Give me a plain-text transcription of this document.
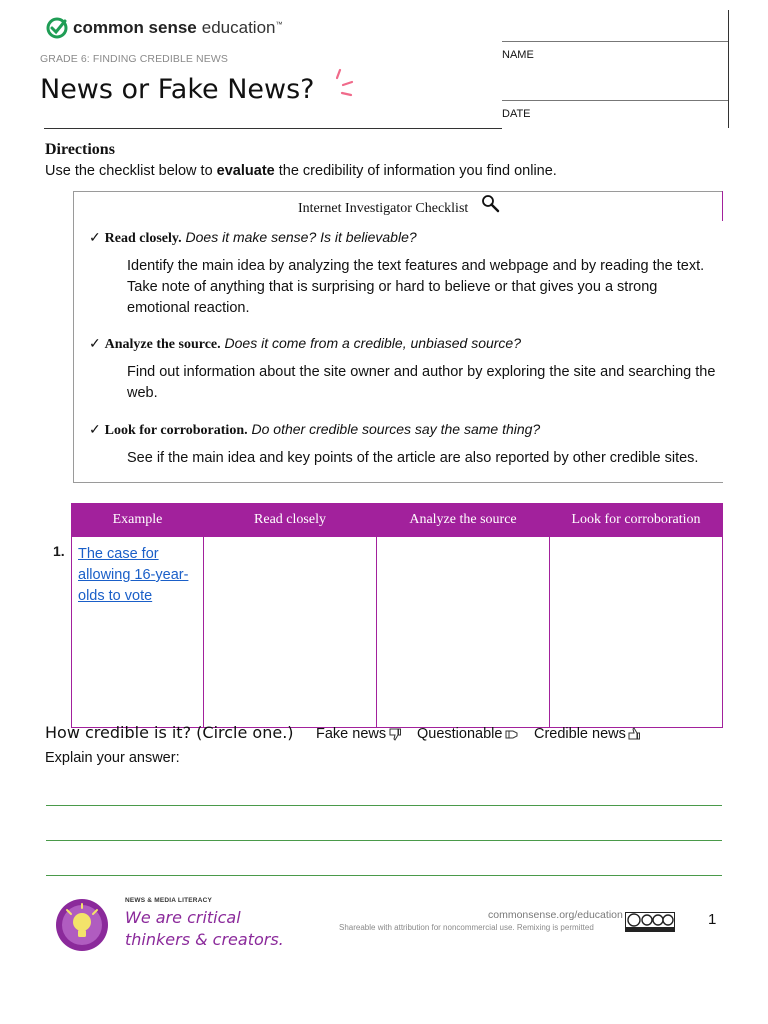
common sense education™
GRADE 6: FINDING CREDIBLE NEWS
News or Fake News?
NAME
DATE
Directions
Use the checklist below to evaluate the credibility of information you find online.
Internet Investigator Checklist
✓ Read closely. Does it make sense? Is it believable?
Identify the main idea by analyzing the text features and webpage and by reading the text. Take note of anything that is surprising or hard to believe or that gives you a strong emotional reaction.
✓ Analyze the source. Does it come from a credible, unbiased source?
Find out information about the site owner and author by exploring the site and searching the web.
✓ Look for corroboration. Do other credible sources say the same thing?
See if the main idea and key points of the article are also reported by other credible sites.
1.
Example	Read closely	Analyze the source	Look for corroboration
The case for allowing 16-year-olds to vote			
How credible is it? (Circle one.) Fake news Questionable Credible news
Explain your answer:
NEWS & MEDIA LITERACY
We are critical
thinkers & creators.
commonsense.org/education
Shareable with attribution for noncommercial use. Remixing is permitted	1
